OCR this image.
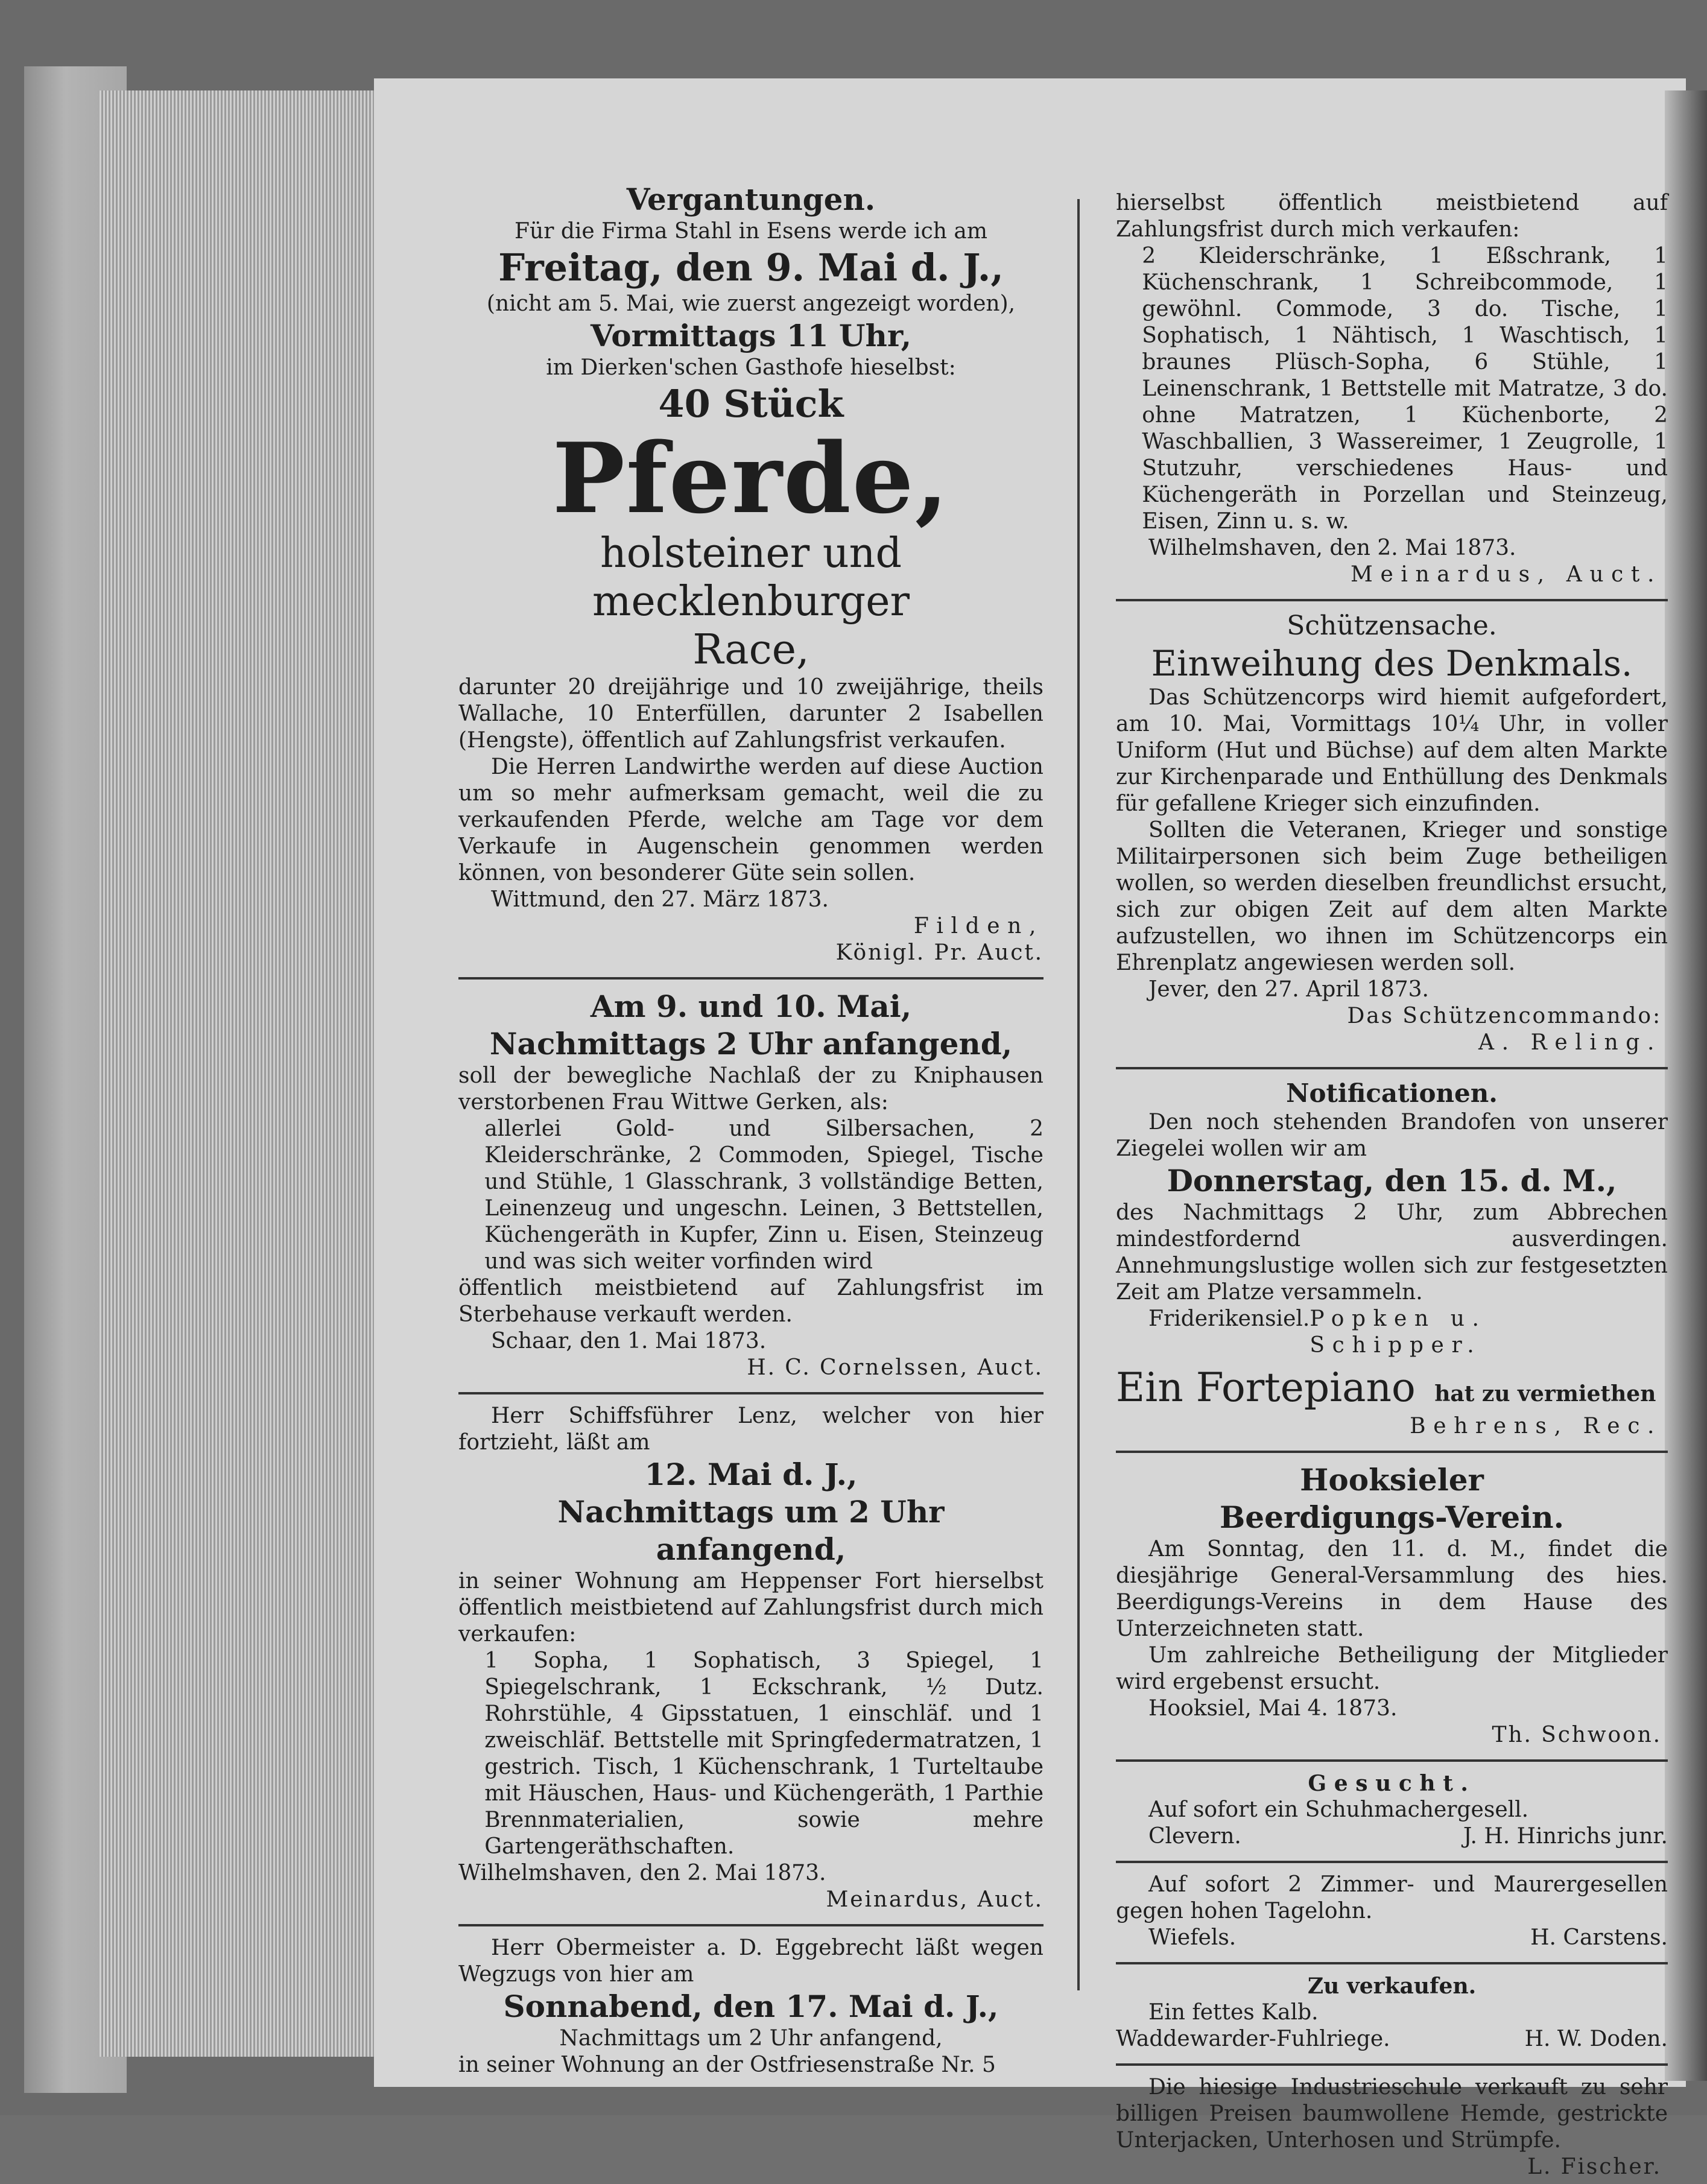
Vergantungen.
Für die Firma Stahl in Esens werde ich am
Freitag, den 9. Mai d. J.,
(nicht am 5. Mai, wie zuerst angezeigt worden),
Vormittags 11 Uhr,
im Dierken'schen Gasthofe hieselbst:
40 Stück
Pferde,
holsteiner und mecklenburger
Race,
darunter 20 dreijährige und 10 zweijährige, theils Wallache, 10 Enterfüllen, darunter 2 Isabellen (Hengste), öffentlich auf Zahlungsfrist verkaufen.
Die Herren Landwirthe werden auf diese Auction um so mehr aufmerksam gemacht, weil die zu verkaufenden Pferde, welche am Tage vor dem Verkaufe in Augenschein genommen werden können, von besonderer Güte sein sollen.
Wittmund, den 27. März 1873.
Filden,
Königl. Pr. Auct.
Am 9. und 10. Mai,
Nachmittags 2 Uhr anfangend,
soll der bewegliche Nachlaß der zu Kniphausen verstorbenen Frau Wittwe Gerken, als:
allerlei Gold- und Silbersachen, 2 Kleiderschränke, 2 Commoden, Spiegel, Tische und Stühle, 1 Glasschrank, 3 vollständige Betten, Leinenzeug und ungeschn. Leinen, 3 Bettstellen, Küchengeräth in Kupfer, Zinn u. Eisen, Steinzeug und was sich weiter vorfinden wird
öffentlich meistbietend auf Zahlungsfrist im Sterbehause verkauft werden.
Schaar, den 1. Mai 1873.
H. C. Cornelssen, Auct.
Herr Schiffsführer Lenz, welcher von hier fortzieht, läßt am
12. Mai d. J.,
Nachmittags um 2 Uhr anfangend,
in seiner Wohnung am Heppenser Fort hierselbst öffentlich meistbietend auf Zahlungsfrist durch mich verkaufen:
1 Sopha, 1 Sophatisch, 3 Spiegel, 1 Spiegelschrank, 1 Eckschrank, ½ Dutz. Rohrstühle, 4 Gipsstatuen, 1 einschläf. und 1 zweischläf. Bettstelle mit Springfedermatratzen, 1 gestrich. Tisch, 1 Küchenschrank, 1 Turteltaube mit Häuschen, Haus- und Küchengeräth, 1 Parthie Brennmaterialien, sowie mehre Gartengeräthschaften.
Wilhelmshaven, den 2. Mai 1873.
Meinardus, Auct.
Herr Obermeister a. D. Eggebrecht läßt wegen Wegzugs von hier am
Sonnabend, den 17. Mai d. J.,
Nachmittags um 2 Uhr anfangend,
in seiner Wohnung an der Ostfriesenstraße Nr. 5
hierselbst öffentlich meistbietend auf Zahlungsfrist durch mich verkaufen:
2 Kleiderschränke, 1 Eßschrank, 1 Küchenschrank, 1 Schreibcommode, 1 gewöhnl. Commode, 3 do. Tische, 1 Sophatisch, 1 Nähtisch, 1 Waschtisch, 1 braunes Plüsch-Sopha, 6 Stühle, 1 Leinenschrank, 1 Bettstelle mit Matratze, 3 do. ohne Matratzen, 1 Küchenborte, 2 Waschballien, 3 Wassereimer, 1 Zeugrolle, 1 Stutzuhr, verschiedenes Haus- und Küchengeräth in Porzellan und Steinzeug, Eisen, Zinn u. s. w.
Wilhelmshaven, den 2. Mai 1873.
Meinardus, Auct.
Schützensache.
Einweihung des Denkmals.
Das Schützencorps wird hiemit aufgefordert, am 10. Mai, Vormittags 10¼ Uhr, in voller Uniform (Hut und Büchse) auf dem alten Markte zur Kirchenparade und Enthüllung des Denkmals für gefallene Krieger sich einzufinden.
Sollten die Veteranen, Krieger und sonstige Militairpersonen sich beim Zuge betheiligen wollen, so werden dieselben freundlichst ersucht, sich zur obigen Zeit auf dem alten Markte aufzustellen, wo ihnen im Schützencorps ein Ehrenplatz angewiesen werden soll.
Jever, den 27. April 1873.
Das Schützencommando:
A. Reling.
Notificationen.
Den noch stehenden Brandofen von unserer Ziegelei wollen wir am
Donnerstag, den 15. d. M.,
des Nachmittags 2 Uhr, zum Abbrechen mindestfordernd ausverdingen. Annehmungslustige wollen sich zur festgesetzten Zeit am Platze versammeln.
Friderikensiel. Popken u. Schipper.
Ein Fortepiano hat zu vermiethen
Behrens, Rec.
Hooksieler
Beerdigungs-Verein.
Am Sonntag, den 11. d. M., findet die diesjährige General-Versammlung des hies. Beerdigungs-Vereins in dem Hause des Unterzeichneten statt.
Um zahlreiche Betheiligung der Mitglieder wird ergebenst ersucht.
Hooksiel, Mai 4. 1873.
Th. Schwoon.
Gesucht.
Auf sofort ein Schuhmachergesell.
Clevern.	J. H. Hinrichs junr.
Auf sofort 2 Zimmer- und Maurergesellen gegen hohen Tagelohn.
Wiefels.	H. Carstens.
Zu verkaufen.
Ein fettes Kalb.
Waddewarder-Fuhlriege.	H. W. Doden.
Die hiesige Industrieschule verkauft zu sehr billigen Preisen baumwollene Hemde, gestrickte Unterjacken, Unterhosen und Strümpfe.
L. Fischer.
